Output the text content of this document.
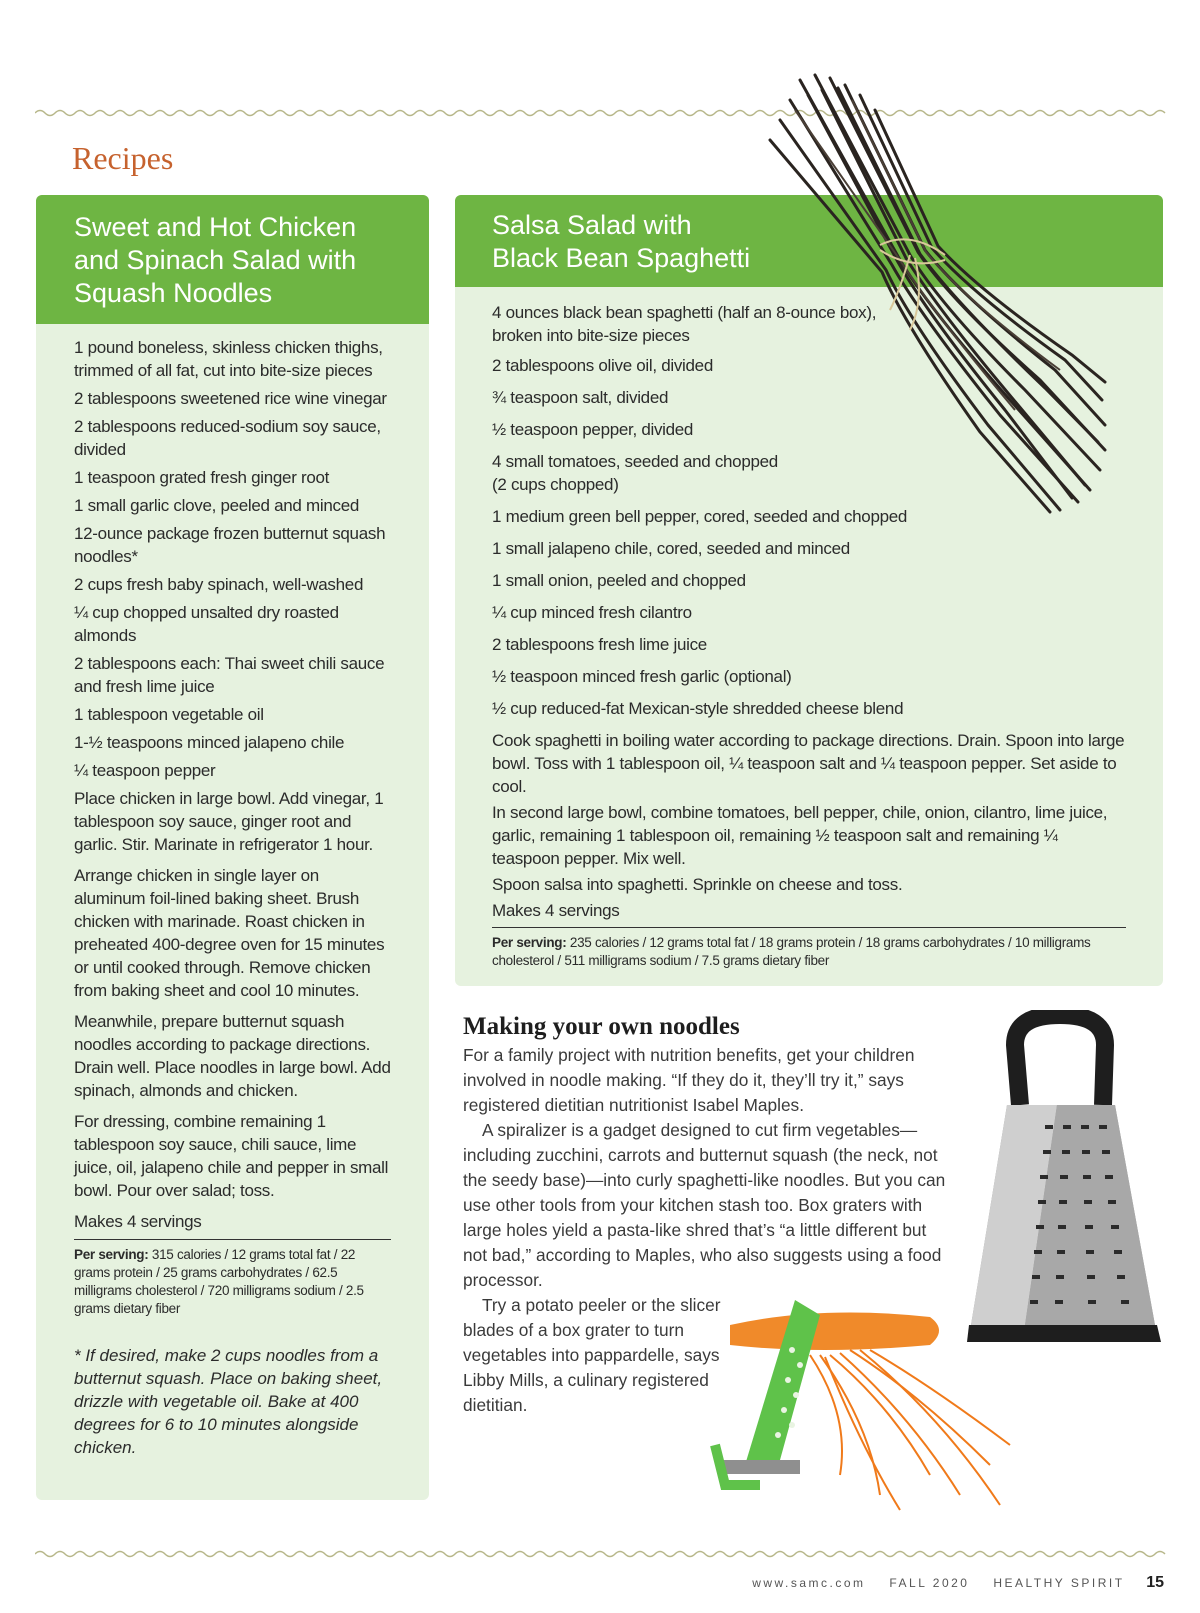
Recipes
Sweet and Hot Chicken
and Spinach Salad with
Squash Noodles

1 pound boneless, skinless chicken thighs, trimmed of all fat, cut into bite-size pieces

2 tablespoons sweetened rice wine vinegar

2 tablespoons reduced-sodium soy sauce, divided

1 teaspoon grated fresh ginger root

1 small garlic clove, peeled and minced

12-ounce package frozen butternut squash noodles*

2 cups fresh baby spinach, well-washed

¼ cup chopped unsalted dry roasted almonds

2 tablespoons each: Thai sweet chili sauce and fresh lime juice

1 tablespoon vegetable oil

1-½ teaspoons minced jalapeno chile

¼ teaspoon pepper

Place chicken in large bowl. Add vinegar, 1 tablespoon soy sauce, ginger root and garlic. Stir. Marinate in refrigerator 1 hour.

Arrange chicken in single layer on aluminum foil-lined baking sheet. Brush chicken with marinade. Roast chicken in preheated 400-degree oven for 15 minutes or until cooked through. Remove chicken from baking sheet and cool 10 minutes.

Meanwhile, prepare butternut squash noodles according to package directions. Drain well. Place noodles in large bowl. Add spinach, almonds and chicken.

For dressing, combine remaining 1 tablespoon soy sauce, chili sauce, lime juice, oil, jalapeno chile and pepper in small bowl. Pour over salad; toss.

Makes 4 servings

Per serving: 315 calories / 12 grams total fat / 22 grams protein / 25 grams carbohydrates / 62.5 milligrams cholesterol / 720 milligrams sodium / 2.5 grams dietary fiber

* If desired, make 2 cups noodles from a butternut squash. Place on baking sheet, drizzle with vegetable oil. Bake at 400 degrees for 6 to 10 minutes alongside chicken.

Salsa Salad with
Black Bean Spaghetti

4 ounces black bean spaghetti (half an 8-ounce box), broken into bite-size pieces

2 tablespoons olive oil, divided

¾ teaspoon salt, divided

½ teaspoon pepper, divided

4 small tomatoes, seeded and chopped (2 cups chopped)

1 medium green bell pepper, cored, seeded and chopped

1 small jalapeno chile, cored, seeded and minced

1 small onion, peeled and chopped

¼ cup minced fresh cilantro

2 tablespoons fresh lime juice

½ teaspoon minced fresh garlic (optional)

½ cup reduced-fat Mexican-style shredded cheese blend

Cook spaghetti in boiling water according to package directions. Drain. Spoon into large bowl. Toss with 1 tablespoon oil, ¼ teaspoon salt and ¼ teaspoon pepper. Set aside to cool.

In second large bowl, combine tomatoes, bell pepper, chile, onion, cilantro, lime juice, garlic, remaining 1 tablespoon oil, remaining ½ teaspoon salt and remaining ¼ teaspoon pepper. Mix well.

Spoon salsa into spaghetti. Sprinkle on cheese and toss.

Makes 4 servings

Per serving: 235 calories / 12 grams total fat / 18 grams protein / 18 grams carbohydrates / 10 milligrams cholesterol / 511 milligrams sodium / 7.5 grams dietary fiber

Making your own noodles

For a family project with nutrition benefits, get your children involved in noodle making. “If they do it, they’ll try it,” says registered dietitian nutritionist Isabel Maples.

A spiralizer is a gadget designed to cut firm vegetables—including zucchini, carrots and butternut squash (the neck, not the seedy base)—into curly spaghetti-like noodles. But you can use other tools from your kitchen stash too. Box graters with large holes yield a pasta-like shred that’s “a little different but not bad,” according to Maples, who also suggests using a food processor.

Try a potato peeler or the slicer blades of a box grater to turn vegetables into pappardelle, says Libby Mills, a culinary registered dietitian.

www.samc.com FALL 2020 HEALTHY SPIRIT 15
